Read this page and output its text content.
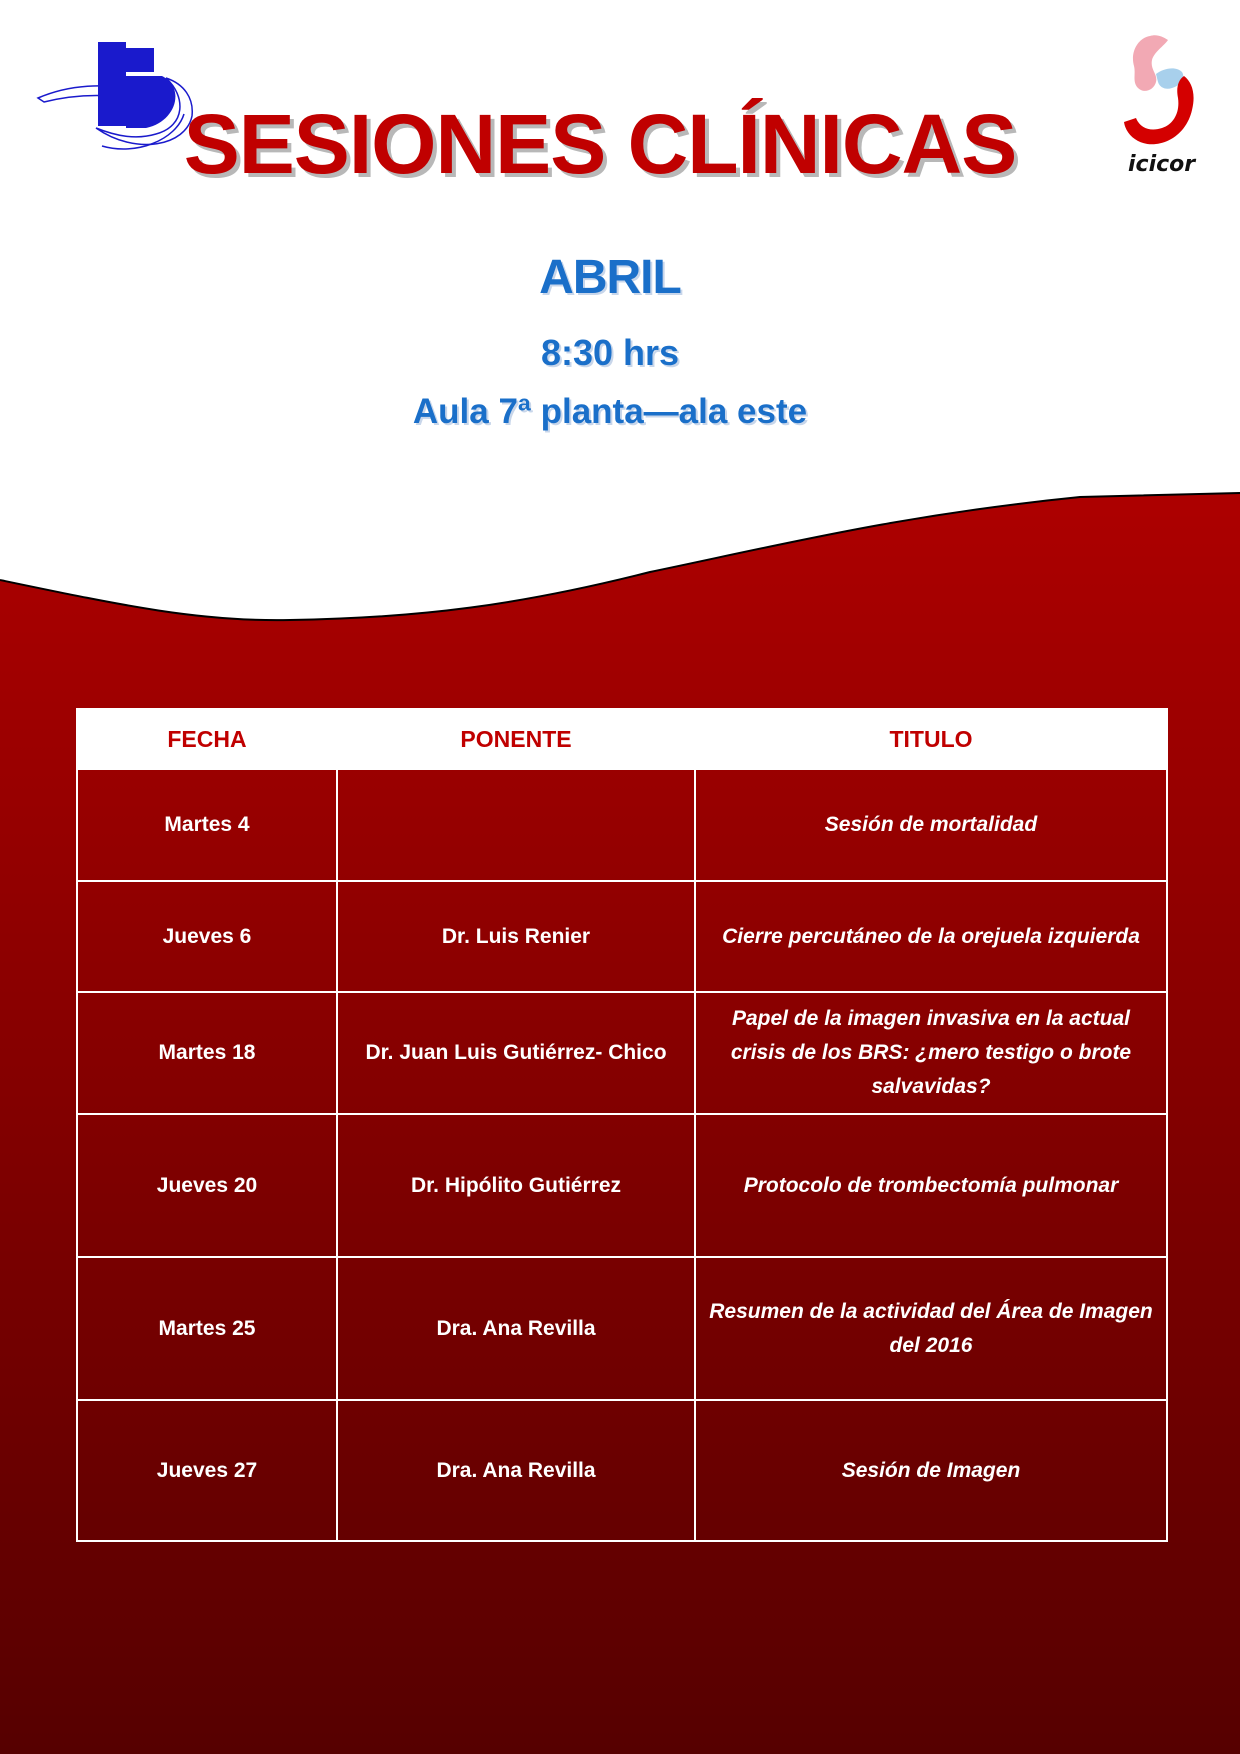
icicor
SESIONES CLÍNICAS
ABRIL
8:30 hrs
Aula 7ª planta—ala este
FECHA	PONENTE	TITULO
Martes 4		Sesión de mortalidad
Jueves 6	Dr. Luis Renier	Cierre percutáneo de la orejuela izquierda
Martes 18	Dr. Juan Luis Gutiérrez- Chico	Papel de la imagen invasiva en la actual crisis de los BRS: ¿mero testigo o brote salvavidas?
Jueves 20	Dr. Hipólito Gutiérrez	Protocolo de trombectomía pulmonar
Martes 25	Dra. Ana Revilla	Resumen de la actividad del Área de Imagen del 2016
Jueves 27	Dra. Ana Revilla	Sesión de Imagen
